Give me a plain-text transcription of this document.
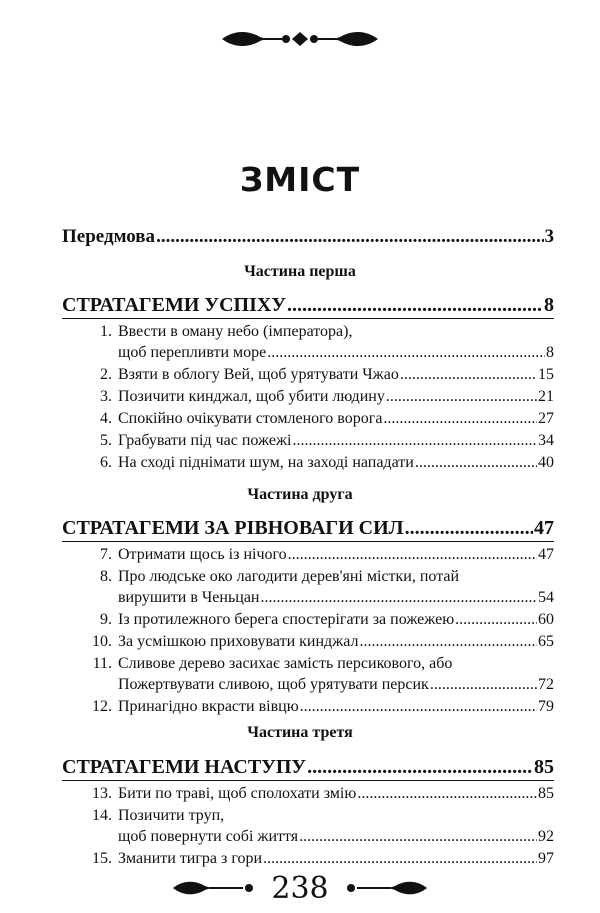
ЗМІСТ
Передмова .....	3
Частина перша
СТРАТАГЕМИ УСПІХУ .....	8
1. Ввести в оману небо (імператора),
щоб перепливти море .....	8
2. Взяти в облогу Вей, щоб урятувати Чжао .....	15
3. Позичити кинджал, щоб убити людину .....	21
4. Спокійно очікувати стомленого ворога .....	27
5. Грабувати під час пожежі .....	34
6. На сході піднімати шум, на заході нападати .....	40
Частина друга
СТРАТАГЕМИ ЗА РІВНОВАГИ СИЛ .....	47
7. Отримати щось із нічого .....	47
8. Про людське око лагодити дерев'яні містки, потай
вирушити в Ченьцан .....	54
9. Із протилежного берега спостерігати за пожежею .....	60
10. За усмішкою приховувати кинджал .....	65
11. Сливове дерево засихає замість персикового, або
Пожертвувати сливою, щоб урятувати персик .....	72
12. Принагідно вкрасти вівцю .....	79
Частина третя
СТРАТАГЕМИ НАСТУПУ .....	85
13. Бити по траві, щоб сполохати змію .....	85
14. Позичити труп,
щоб повернути собі життя .....	92
15. Зманити тигра з гори .....	97
238
